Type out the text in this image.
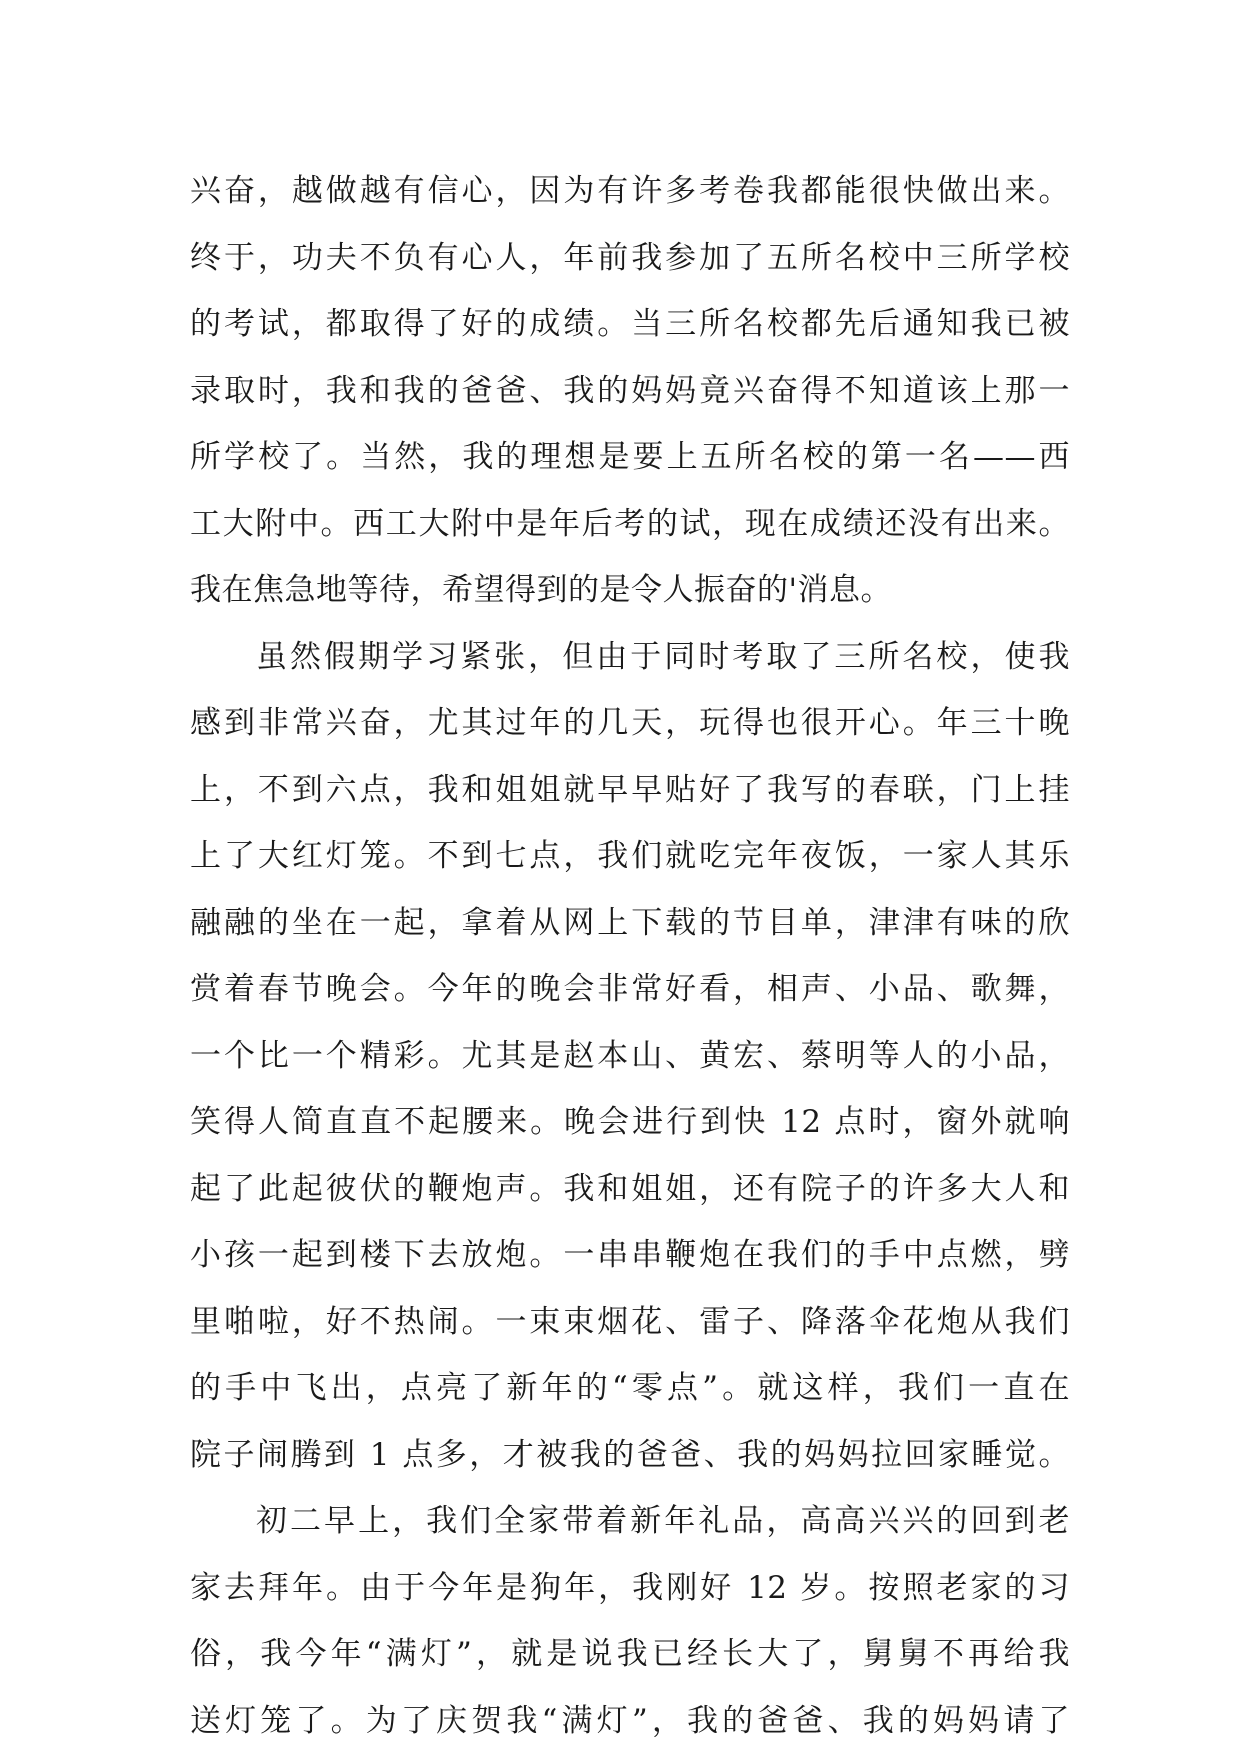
兴奋，越做越有信心，因为有许多考卷我都能很快做出来。
终于，功夫不负有心人，年前我参加了五所名校中三所学校
的考试，都取得了好的成绩。当三所名校都先后通知我已被
录取时，我和我的爸爸、我的妈妈竟兴奋得不知道该上那一
所学校了。当然，我的理想是要上五所名校的第一名——西
工大附中。西工大附中是年后考的试，现在成绩还没有出来。
我在焦急地等待，希望得到的是令人振奋的'消息。
虽然假期学习紧张，但由于同时考取了三所名校，使我
感到非常兴奋，尤其过年的几天，玩得也很开心。年三十晚
上，不到六点，我和姐姐就早早贴好了我写的春联，门上挂
上了大红灯笼。不到七点，我们就吃完年夜饭，一家人其乐
融融的坐在一起，拿着从网上下载的节目单，津津有味的欣
赏着春节晚会。今年的晚会非常好看，相声、小品、歌舞，
一个比一个精彩。尤其是赵本山、黄宏、蔡明等人的小品，
笑得人简直直不起腰来。晚会进行到快 12 点时，窗外就响
起了此起彼伏的鞭炮声。我和姐姐，还有院子的许多大人和
小孩一起到楼下去放炮。一串串鞭炮在我们的手中点燃，劈
里啪啦，好不热闹。一束束烟花、雷子、降落伞花炮从我们
的手中飞出，点亮了新年的“零点”。就这样，我们一直在
院子闹腾到 1 点多，才被我的爸爸、我的妈妈拉回家睡觉。
初二早上，我们全家带着新年礼品，高高兴兴的回到老
家去拜年。由于今年是狗年，我刚好 12 岁。按照老家的习
俗，我今年“满灯”，就是说我已经长大了，舅舅不再给我
送灯笼了。为了庆贺我“满灯”，我的爸爸、我的妈妈请了
